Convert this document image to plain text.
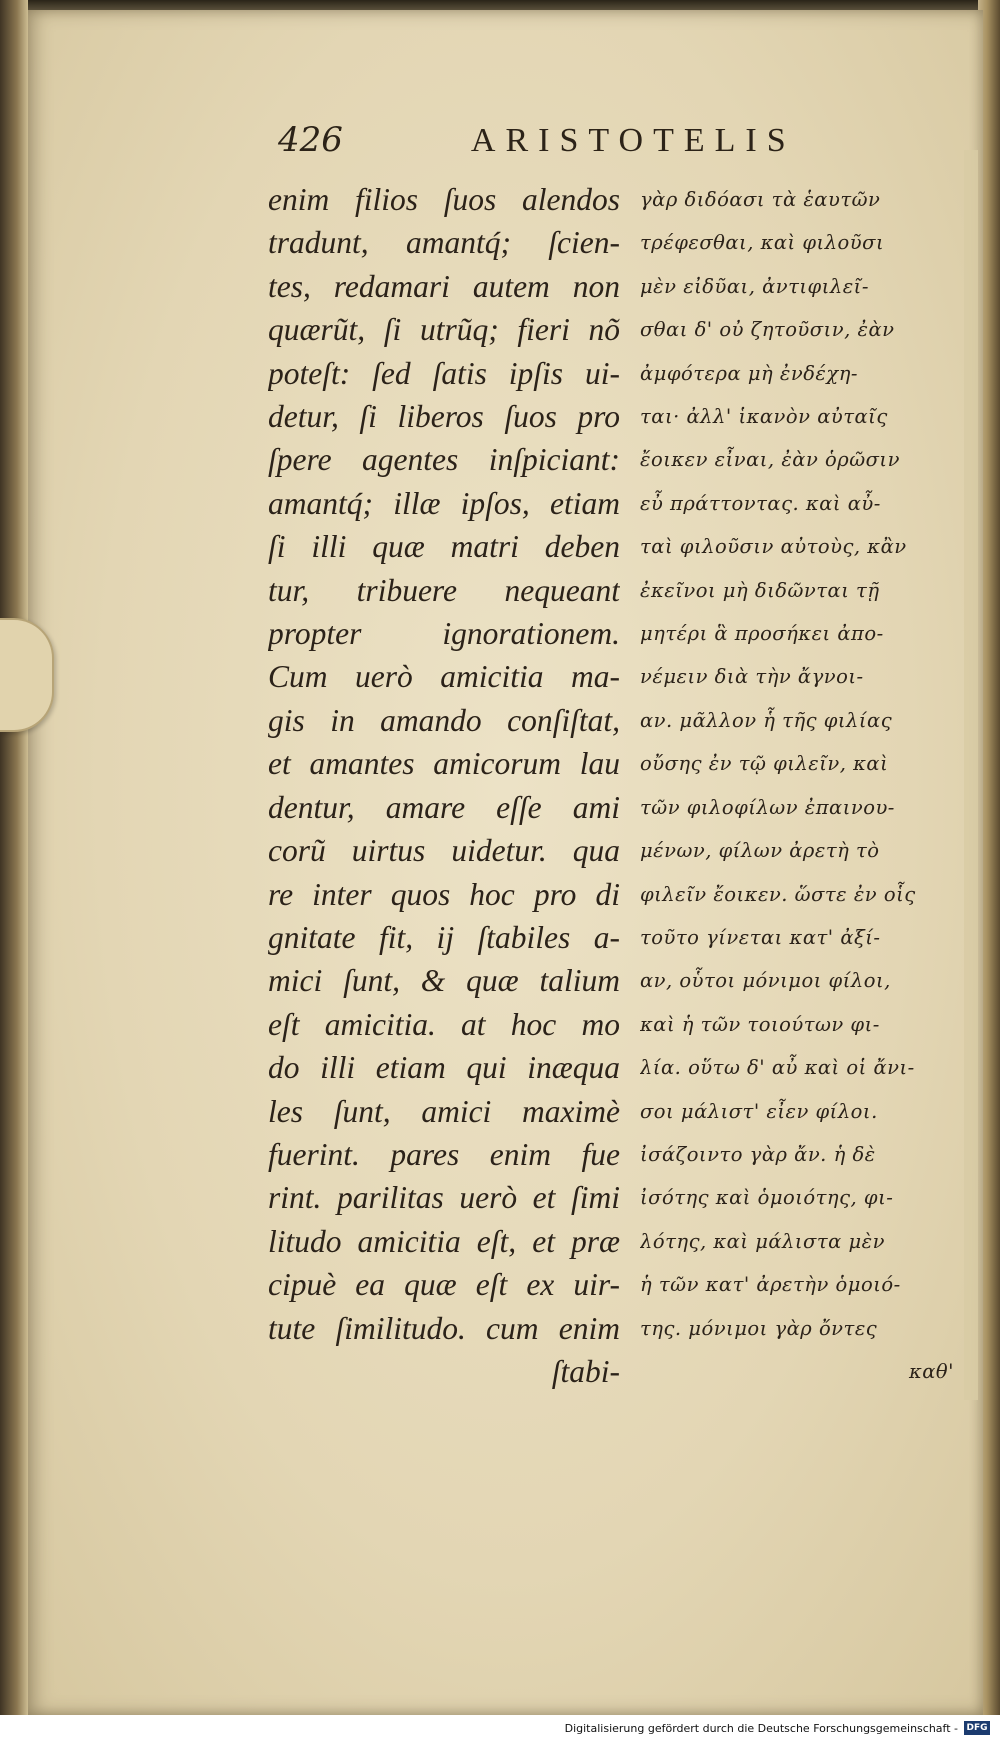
426	ARISTOTELIS
enim filios ſuos alendos
tradunt, amantq́; ſcien-
tes, redamari autem non
quærũt, ſi utrũq; fieri nõ
poteſt: ſed ſatis ipſis ui-
detur, ſi liberos ſuos pro
ſpere agentes inſpiciant:
amantq́; illæ ipſos, etiam
ſi illi quæ matri deben
tur, tribuere nequeant
propter ignorationem.
Cum uerò amicitia ma-
gis in amando conſiſtat,
et amantes amicorum lau
dentur, amare eſſe ami
corũ uirtus uidetur. qua
re inter quos hoc pro di
gnitate fit, ij ſtabiles a-
mici ſunt, & quæ talium
eſt amicitia. at hoc mo
do illi etiam qui inæqua
les ſunt, amici maximè
fuerint. pares enim fue
rint. parilitas uerò et ſimi
litudo amicitia eſt, et præ
cipuè ea quæ eſt ex uir-
tute ſimilitudo. cum enim
ſtabi-
γὰρ διδόασι τὰ ἑαυτῶν
τρέφεσθαι, καὶ φιλοῦσι
μὲν εἰδῦαι, ἀντιφιλεῖ-
σθαι δ' οὐ ζητοῦσιν, ἐὰν
ἀμφότερα μὴ ἐνδέχη-
ται· ἀλλ' ἱκανὸν αὐταῖς
ἔοικεν εἶναι, ἐὰν ὁρῶσιν
εὖ πράττοντας. καὶ αὖ-
ταὶ φιλοῦσιν αὐτοὺς, κἂν
ἐκεῖνοι μὴ διδῶνται τῇ
μητέρι ἃ προσήκει ἀπο-
νέμειν διὰ τὴν ἄγνοι-
αν. μᾶλλον ἧ τῆς φιλίας
οὔσης ἐν τῷ φιλεῖν, καὶ
τῶν φιλοφίλων ἐπαινου-
μένων, φίλων ἀρετὴ τὸ
φιλεῖν ἔοικεν. ὥστε ἐν οἷς
τοῦτο γίνεται κατ' ἀξί-
αν, οὗτοι μόνιμοι φίλοι,
καὶ ἡ τῶν τοιούτων φι-
λία. οὕτω δ' αὖ καὶ οἱ ἄνι-
σοι μάλιστ' εἶεν φίλοι.
ἰσάζοιντο γὰρ ἄν. ἡ δὲ
ἰσότης καὶ ὁμοιότης, φι-
λότης, καὶ μάλιστα μὲν
ἡ τῶν κατ' ἀρετὴν ὁμοιό-
της. μόνιμοι γὰρ ὄντες
καθ'
Digitalisierung gefördert durch die Deutsche Forschungsgemeinschaft - DFG
